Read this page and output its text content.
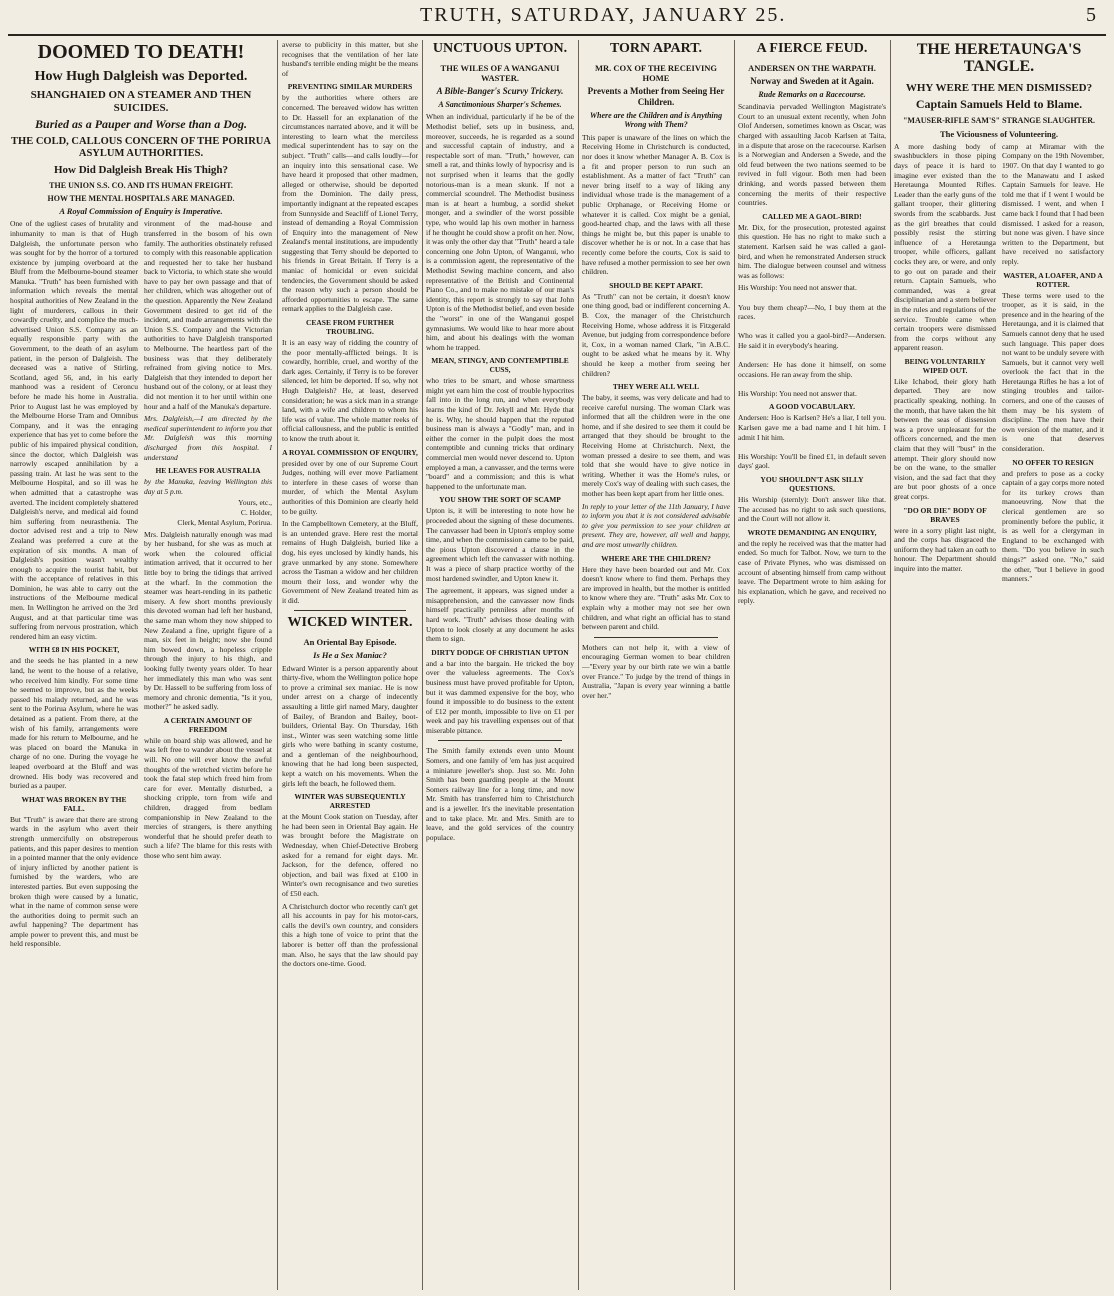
TRUTH, SATURDAY, JANUARY 25.	5
DOOMED TO DEATH!
How Hugh Dalgleish was Deported.
SHANGHAIED ON A STEAMER AND THEN SUICIDES.
Buried as a Pauper and Worse than a Dog.
THE COLD, CALLOUS CONCERN OF THE PORIRUA ASYLUM AUTHORITIES.
How Did Dalgleish Break His Thigh?
THE UNION S.S. CO. AND ITS HUMAN FREIGHT.
HOW THE MENTAL HOSPITALS ARE MANAGED.
A Royal Commission of Enquiry is Imperative.

One of the ugliest cases of brutality and inhumanity to man is that of Hugh Dalgleish, the unfortunate person who was sought for by the horror of a tortured existence by jumping overboard at the Bluff from the Melbourne-bound steamer Manuka. "Truth" has been furnished with information which reveals the mental hospital authorities of New Zealand in the light of murderers, callous in their cowardly cruelty, and complice the much-advertised Union S.S. Company as an equally responsible party with the Government, to the death of an asylum patient, in the person of Dalgleish. The deceased was a native of Stirling, Scotland, aged 56, and, in his early manhood was a resident of Ceroncu before he made his home in Australia. Prior to August last he was employed by the Melbourne Horse Tram and Omnibus Company, and it was the enraging experience that has yet to come before the public of his impaired physical condition, since the doctor, which Dalgleish was narrowly escaped annihilation by a passing train. At last he was sent to the Melbourne Hospital, and so ill was he when admitted that a catastrophe was averted. The incident completely shattered Dalgleish's nerve, and medical aid found him suffering from neurasthenia. The doctor advised rest and a trip to New Zealand was preferred a cure at the expiration of six months. A man of Dalgleish's position wasn't wealthy enough to acquire the tourist habit, but with the acceptance of relatives in this Dominion, he was able to carry out the instructions of the Melbourne medical men. In Wellington he arrived on the 3rd August, and at that particular time was suffering from nervous prostration, which rendered him an easy victim.

WITH £8 IN HIS POCKET,

and the seeds he has planted in a new land, he went to the house of a relative, who received him kindly. For some time he seemed to improve, but as the weeks passed his malady returned, and he was sent to the Porirua Asylum, where he was detained as a patient. From there, at the wish of his family, arrangements were made for his return to Melbourne, and he was placed on board the Manuka in charge of no one. During the voyage he leaped overboard at the Bluff and was drowned. His body was recovered and buried as a pauper.

WHAT WAS BROKEN BY THE FALL.

But "Truth" is aware that there are strong wards in the asylum who avert their strength unmercifully on obstreperous patients, and this paper desires to mention in a pointed manner that the only evidence of injury inflicted by another patient is furnished by the warders, who are interested parties. But even supposing the broken thigh were caused by a lunatic, what in the name of common sense were the authorities doing to permit such an awful happening? The department has ample power to prevent this, and must be held responsible.

vironment of the mad-house and transferred in the bosom of his own family. The authorities obstinately refused to comply with this reasonable application and requested her to take her husband back to Victoria, to which state she would have to pay her own passage and that of her children, which was altogether out of the question. Apparently the New Zealand Government desired to get rid of the incident, and made arrangements with the Union S.S. Company and the Victorian authorities to have Dalgleish transported to Melbourne. The heartless part of the business was that they deliberately refrained from giving notice to Mrs. Dalgleish that they intended to deport her husband out of the colony, or at least they did not mention it to her until within one hour and a half of the Manuka's departure.

Mrs. Dalgleish,—I am directed by the medical superintendent to inform you that Mr. Dalgleish was this morning discharged from this hospital. I understand

HE LEAVES FOR AUSTRALIA

by the Manuka, leaving Wellington this day at 5 p.m.

Yours, etc.,
C. Holder,
Clerk, Mental Asylum, Porirua.

Mrs. Dalgleish naturally enough was mad by her husband, for she was as much at work when the coloured official intimation arrived, that it occurred to her little boy to bring the tidings that arrived at the wharf. In the commotion the steamer was heart-rending in its pathetic misery. A few short months previously this devoted woman had left her husband, the same man whom they now shipped to New Zealand a fine, upright figure of a man, six feet in height; now she found him bowed down, a hopeless cripple through the injury to his thigh, and looking fully twenty years older. To hear her immediately this man who was sent by Dr. Hassell to be suffering from loss of memory and chronic dementia, "Is it you, mother?" he asked sadly.

A CERTAIN AMOUNT OF FREEDOM

while on board ship was allowed, and he was left free to wander about the vessel at will. No one will ever know the awful thoughts of the wretched victim before he took the fatal step which freed him from care for ever. Mentally disturbed, a shocking cripple, torn from wife and children, dragged from bedlam companionship in New Zealand to the mercies of strangers, is there anything wonderful that he should prefer death to such a life? The blame for this rests with those who sent him away.

averse to publicity in this matter, but she recognises that the ventilation of her late husband's terrible ending might be the means of

PREVENTING SIMILAR MURDERS

by the authorities where others are concerned. The bereaved widow has written to Dr. Hassell for an explanation of the circumstances narrated above, and it will be interesting to learn what the merciless medical superintendent has to say on the subject. "Truth" calls—and calls loudly—for an inquiry into this sensational case. We have heard it proposed that other madmen, alleged or otherwise, should be deported from the Dominion. The daily press, importantly indignant at the repeated escapes from Sunnyside and Seacliff of Lionel Terry, instead of demanding a Royal Commission of Enquiry into the management of New Zealand's mental institutions, are impudently suggesting that Terry should be deported to his friends in Great Britain. If Terry is a maniac of homicidal or even suicidal tendencies, the Government should be asked the reason why such a person should be afforded opportunities to escape. The same remark applies to the Dalgleish case.

CEASE FROM FURTHER TROUBLING.

It is an easy way of ridding the country of the poor mentally-afflicted beings. It is cowardly, horrible, cruel, and worthy of the dark ages. Certainly, if Terry is to be forever silenced, let him be deported. If so, why not Hugh Dalgleish? He, at least, deserved consideration; he was a sick man in a strange land, with a wife and children to whom his life was of value. The whole matter reeks of official callousness, and the public is entitled to know the truth about it.

A ROYAL COMMISSION OF ENQUIRY,

presided over by one of our Supreme Court Judges, nothing will ever move Parliament to interfere in these cases of worse than murder, of which the Mental Asylum authorities of this Dominion are clearly held to be guilty.

In the Campbelltown Cemetery, at the Bluff, is an untended grave. Here rest the mortal remains of Hugh Dalgleish, buried like a dog, his eyes unclosed by kindly hands, his grave unmarked by any stone. Somewhere across the Tasman a widow and her children mourn their loss, and wonder why the Government of New Zealand treated him as it did.

WICKED WINTER.
An Oriental Bay Episode.
Is He a Sex Maniac?

Edward Winter is a person apparently about thirty-five, whom the Wellington police hope to prove a criminal sex maniac. He is now under arrest on a charge of indecently assaulting a little girl named Mary, daughter of Bailey, of Brandon and Bailey, boot-builders, Oriental Bay. On Thursday, 16th inst., Winter was seen watching some little girls who were bathing in scanty costume, and a gentleman of the neighbourhood, knowing that he had long been suspected, kept a watch on his movements. When the girls left the beach, he followed them.

WINTER WAS SUBSEQUENTLY ARRESTED

at the Mount Cook station on Tuesday, after he had been seen in Oriental Bay again. He was brought before the Magistrate on Wednesday, when Chief-Detective Broberg asked for a remand for eight days. Mr. Jackson, for the defence, offered no objection, and bail was fixed at £100 in Winter's own recognisance and two sureties of £50 each.

A Christchurch doctor who recently can't get all his accounts in pay for his motor-cars, calls the devil's own country, and considers this a high tone of voice to print that the laborer is better off than the professional man. Also, he says that the law should pay the doctors one-time. Good.

UNCTUOUS UPTON.
THE WILES OF A WANGANUI WASTER.
A Bible-Banger's Scurvy Trickery.
A Sanctimonious Sharper's Schemes.

When an individual, particularly if he be of the Methodist belief, sets up in business, and, moreover, succeeds, he is regarded as a sound and successful captain of industry, and a respectable sort of man. "Truth," however, can smell a rat, and thinks lowly of hypocrisy and is not surprised when it learns that the godly notorious-man is a mean skunk. If not a commercial scoundrel. The Methodist business man is at heart a humbug, a sordid sheket monger, and a swindler of the worst possible type, who would lap his own mother in harness if he thought he could show a profit on her. Now, it was only the other day that "Truth" heard a tale concerning one John Upton, of Wanganui, who is a commission agent, the representative of the Methodist Sewing machine concern, and also representative of the British and Continental Piano Co., and to make no mistake of our man's identity, this report is strongly to say that John Upton is of the Methodist belief, and even beside the "worst" in one of the Wanganui gospel gymnasiums. We would like to hear more about him, and about his dealings with the woman whom he trapped.

MEAN, STINGY, AND CONTEMPTIBLE CUSS,

who tries to be smart, and whose smartness might yet earn him the cost of trouble hypocrites fall into in the long run, and when everybody learns the kind of Dr. Jekyll and Mr. Hyde that he is. Why, he should happen that the reputed business man is always a "Godly" man, and in either the corner in the pulpit does the most contemptible and cunning tricks that ordinary commercial men would never descend to. Upton employed a man, a canvasser, and the terms were "board" and a commission; and this is what happened to the unfortunate man.

YOU SHOW THE SORT OF SCAMP

Upton is, it will be interesting to note how he proceeded about the signing of these documents. The canvasser had been in Upton's employ some time, and when the commission came to be paid, the pious Upton discovered a clause in the agreement which left the canvasser with nothing. It was a piece of sharp practice worthy of the most hardened swindler, and Upton knew it.

The agreement, it appears, was signed under a misapprehension, and the canvasser now finds himself practically penniless after months of hard work. "Truth" advises those dealing with Upton to look closely at any document he asks them to sign.

DIRTY DODGE OF CHRISTIAN UPTON

and a bar into the bargain. He tricked the boy over the valueless agreements. The Cox's business must have proved profitable for Upton, but it was dammed expensive for the boy, who found it impossible to do business to the extent of £12 per month, impossible to live on £1 per week and pay his travelling expenses out of that miserable pittance.

The Smith family extends even unto Mount Somers, and one family of 'em has just acquired a miniature jeweller's shop. Just so. Mr. John Smith has been guarding people at the Mount Somers railway line for a long time, and now Mr. Smith has transferred him to Christchurch and is a jeweller. It's the inevitable presentation and to take place. Mr. and Mrs. Smith are to leave, and the gold services of the country populace.

TORN APART.
MR. COX OF THE RECEIVING HOME
Prevents a Mother from Seeing Her Children.
Where are the Children and is Anything Wrong with Them?

This paper is unaware of the lines on which the Receiving Home in Christchurch is conducted, nor does it know whether Manager A. B. Cox is a fit and proper person to run such an establishment. As a matter of fact "Truth" can never bring itself to a way of liking any individual whose trade is the management of a public Orphanage, or Receiving Home or whatever it is called. Cox might be a genial, good-hearted chap, and the laws with all these things he might be, but this paper is unable to discover whether he is or not. In a case that has recently come before the courts, Cox is said to have refused a mother permission to see her own children.

SHOULD BE KEPT APART.

As "Truth" can not be certain, it doesn't know one thing good, bad or indifferent concerning A. B. Cox, the manager of the Christchurch Receiving Home, whose address it is Fitzgerald Avenue, but judging from correspondence before it, Cox, in a woman named Clark, "in A.B.C. ought to be asked what he means by it. Why should he keep a mother from seeing her children?

THEY WERE ALL WELL

The baby, it seems, was very delicate and had to receive careful nursing. The woman Clark was informed that all the children were in the one home, and if she desired to see them it could be arranged that they should be brought to the Receiving Home at Christchurch. Next, the woman pressed a desire to see them, and was told that she would have to give notice in writing. Whether it was the Home's rules, or merely Cox's way of dealing with such cases, the mother has been kept apart from her little ones.

In reply to your letter of the 11th January, I have to inform you that it is not considered advisable to give you permission to see your children at present. They are, however, all well and happy, and are most unwarlly children.

WHERE ARE THE CHILDREN?

Here they have been boarded out and Mr. Cox doesn't know where to find them. Perhaps they are improved in health, but the mother is entitled to know where they are. "Truth" asks Mr. Cox to explain why a mother may not see her own children, and what right an official has to stand between parent and child.

Mothers can not help it, with a view of encouraging German women to bear children—"Every year by our birth rate we win a battle over France." To judge by the trend of things in Australia, "Japan is every year winning a battle over her."

A FIERCE FEUD.
ANDERSEN ON THE WARPATH.
Norway and Sweden at it Again.
Rude Remarks on a Racecourse.

Scandinavia pervaded Wellington Magistrate's Court to an unusual extent recently, when John Olof Andersen, sometimes known as Oscar, was charged with assaulting Jacob Karlsen at Taita, in a dispute that arose on the racecourse. Karlsen is a Norwegian and Andersen a Swede, and the old feud between the two nations seemed to be revived in full vigour. Both men had been drinking, and words passed between them concerning the merits of their respective countries.

CALLED ME A GAOL-BIRD!

Mr. Dix, for the prosecution, protested against this question. He has no right to make such a statement. Karlsen said he was called a gaol-bird, and when he remonstrated Andersen struck him. The dialogue between counsel and witness was as follows:

His Worship: You need not answer that.

You buy them cheap?—No, I buy them at the races.

Who was it called you a gaol-bird?—Andersen. He said it in everybody's hearing.

Andersen: He has done it himself, on some occasions. He ran away from the ship.

His Worship: You need not answer that.

A GOOD VOCABULARY.

Andersen: Hoo is Karlsen? He's a liar, I tell you. Karlsen gave me a bad name and I hit him. I admit I hit him.

His Worship: You'll be fined £1, in default seven days' gaol.

YOU SHOULDN'T ASK SILLY QUESTIONS.

His Worship (sternly): Don't answer like that. The accused has no right to ask such questions, and the Court will not allow it.

WROTE DEMANDING AN ENQUIRY,

and the reply he received was that the matter had ended. So much for Talbot. Now, we turn to the case of Private Plynes, who was dismissed on account of absenting himself from camp without leave. The Department wrote to him asking for his explanation, which he gave, and received no reply.

THE HERETAUNGA'S TANGLE.
WHY WERE THE MEN DISMISSED?
Captain Samuels Held to Blame.
"MAUSER-RIFLE SAM'S" STRANGE SLAUGHTER.
The Viciousness of Volunteering.

A more dashing body of swashbucklers in those piping days of peace it is hard to imagine ever existed than the Heretaunga Mounted Rifles. Leader than the early guns of the gallant trooper, their glittering swords from the scabbards. Just as the girl breathes that could possibly resist the stirring influence of a Heretaunga trooper, while officers, gallant cocks they are, or were, and only to go out on parade and their return. Captain Samuels, who commanded, was a great disciplinarian and a stern believer in the rules and regulations of the service. Trouble came when certain troopers were dismissed from the corps without any apparent reason.

BEING VOLUNTARILY WIPED OUT.

Like Ichabod, their glory hath departed. They are now practically speaking, nothing. In the month, that have taken the hit between the seas of dissension was a prove unpleasant for the officers concerned, and the men claim that they will "bust" in the attempt. Their glory should now be on the wane, to the smaller vision, and the sad fact that they are but poor ghosts of a once great corps.

"DO OR DIE" BODY OF BRAVES

were in a sorry plight last night, and the corps has disgraced the uniform they had taken an oath to honour. The Department should inquire into the matter.

camp at Miramar with the Company on the 19th November, 1907. On that day I wanted to go to the Manawatu and I asked Captain Samuels for leave. He told me that if I went I would be dismissed. I went, and when I came back I found that I had been dismissed. I asked for a reason, but none was given. I have since written to the Department, but have received no satisfactory reply.

WASTER, A LOAFER, AND A ROTTER.

These terms were used to the trooper, as it is said, in the presence and in the hearing of the Heretaunga, and it is claimed that Samuels cannot deny that he used such language. This paper does not want to be unduly severe with Samuels, but it cannot very well overlook the fact that in the Heretaunga Rifles he has a lot of stinging troubles and tailor-corners, and one of the causes of them may be his system of discipline. The men have their own version of the matter, and it is one that deserves consideration.

NO OFFER TO RESIGN

and prefers to pose as a cocky captain of a gay corps more noted for its turkey crows than manoeuvring. Now that the clerical gentlemen are so prominently before the public, it is as well for a clergyman in England to be exchanged with them. "Do you believe in such things?" asked one. "No," said the other, "but I believe in good manners."
